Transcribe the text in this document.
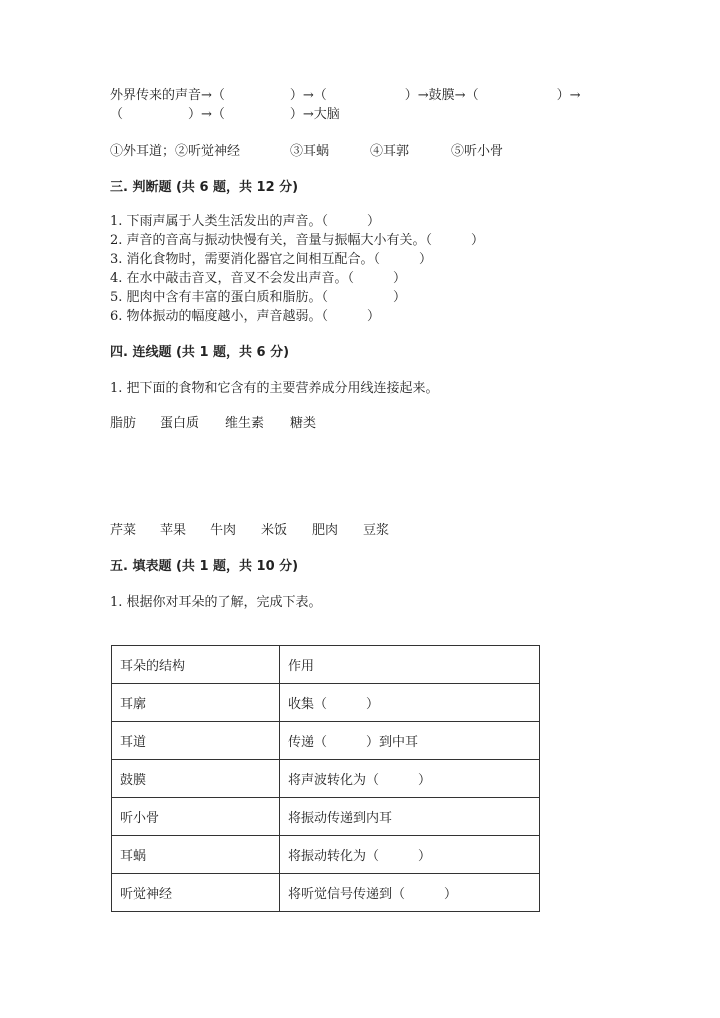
外界传来的声音→（　　　　　）→（　　　　　　）→鼓膜→（　　　　　　）→
（　　　　　）→（　　　　　）→大脑
①外耳道；②听觉神经	③耳蜗	④耳郭	⑤听小骨
三. 判断题 (共 6 题，共 12 分)
1. 下雨声属于人类生活发出的声音。（　　　）
2. 声音的音高与振动快慢有关，音量与振幅大小有关。（　　　）
3. 消化食物时，需要消化器官之间相互配合。（　　　）
4. 在水中敲击音叉，音叉不会发出声音。（　　　）
5. 肥肉中含有丰富的蛋白质和脂肪。（　　　　　）
6. 物体振动的幅度越小，声音越弱。（　　　）
四. 连线题 (共 1 题，共 6 分)
1. 把下面的食物和它含有的主要营养成分用线连接起来。
脂肪 蛋白质 维生素 糖类
芹菜 苹果 牛肉 米饭 肥肉 豆浆
五. 填表题 (共 1 题，共 10 分)
1. 根据你对耳朵的了解，完成下表。
耳朵的结构	作用
耳廓	收集（　　　）
耳道	传递（　　　）到中耳
鼓膜	将声波转化为（　　　）
听小骨	将振动传递到内耳
耳蜗	将振动转化为（　　　）
听觉神经	将听觉信号传递到（　　　）
